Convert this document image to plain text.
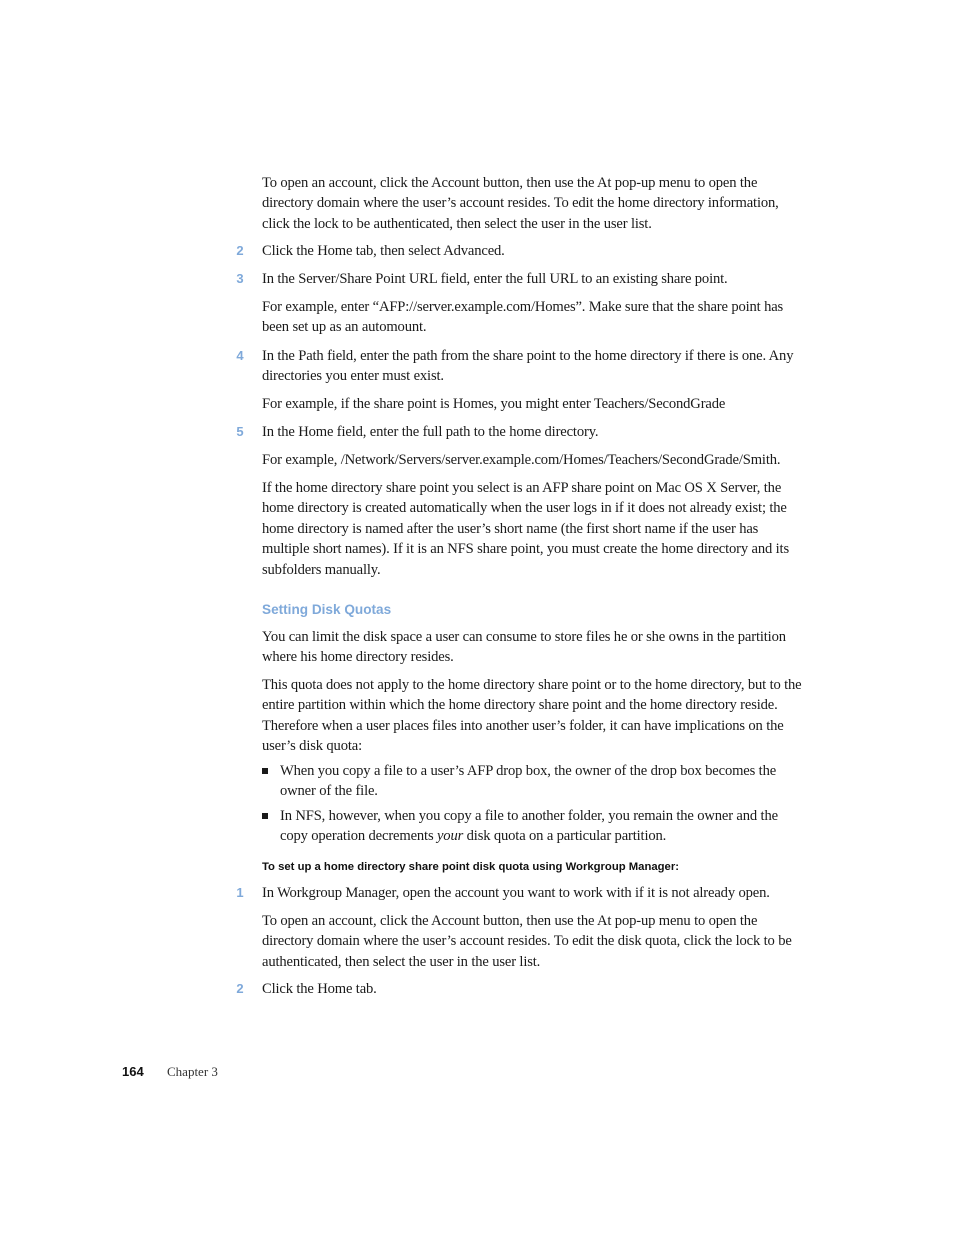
To open an account, click the Account button, then use the At pop-up menu to open the directory domain where the user’s account resides. To edit the home directory information, click the lock to be authenticated, then select the user in the user list.
2 Click the Home tab, then select Advanced.
3 In the Server/Share Point URL field, enter the full URL to an existing share point.
For example, enter “AFP://server.example.com/Homes”. Make sure that the share point has been set up as an automount.
4 In the Path field, enter the path from the share point to the home directory if there is one. Any directories you enter must exist.
For example, if the share point is Homes, you might enter Teachers/SecondGrade
5 In the Home field, enter the full path to the home directory.
For example, /Network/Servers/server.example.com/Homes/Teachers/SecondGrade/Smith.
If the home directory share point you select is an AFP share point on Mac OS X Server, the home directory is created automatically when the user logs in if it does not already exist; the home directory is named after the user’s short name (the first short name if the user has multiple short names). If it is an NFS share point, you must create the home directory and its subfolders manually.
Setting Disk Quotas
You can limit the disk space a user can consume to store files he or she owns in the partition where his home directory resides.
This quota does not apply to the home directory share point or to the home directory, but to the entire partition within which the home directory share point and the home directory reside. Therefore when a user places files into another user’s folder, it can have implications on the user’s disk quota:
When you copy a file to a user’s AFP drop box, the owner of the drop box becomes the owner of the file.
In NFS, however, when you copy a file to another folder, you remain the owner and the copy operation decrements your disk quota on a particular partition.
To set up a home directory share point disk quota using Workgroup Manager:
1 In Workgroup Manager, open the account you want to work with if it is not already open.
To open an account, click the Account button, then use the At pop-up menu to open the directory domain where the user’s account resides. To edit the disk quota, click the lock to be authenticated, then select the user in the user list.
2 Click the Home tab.
164 Chapter 3
